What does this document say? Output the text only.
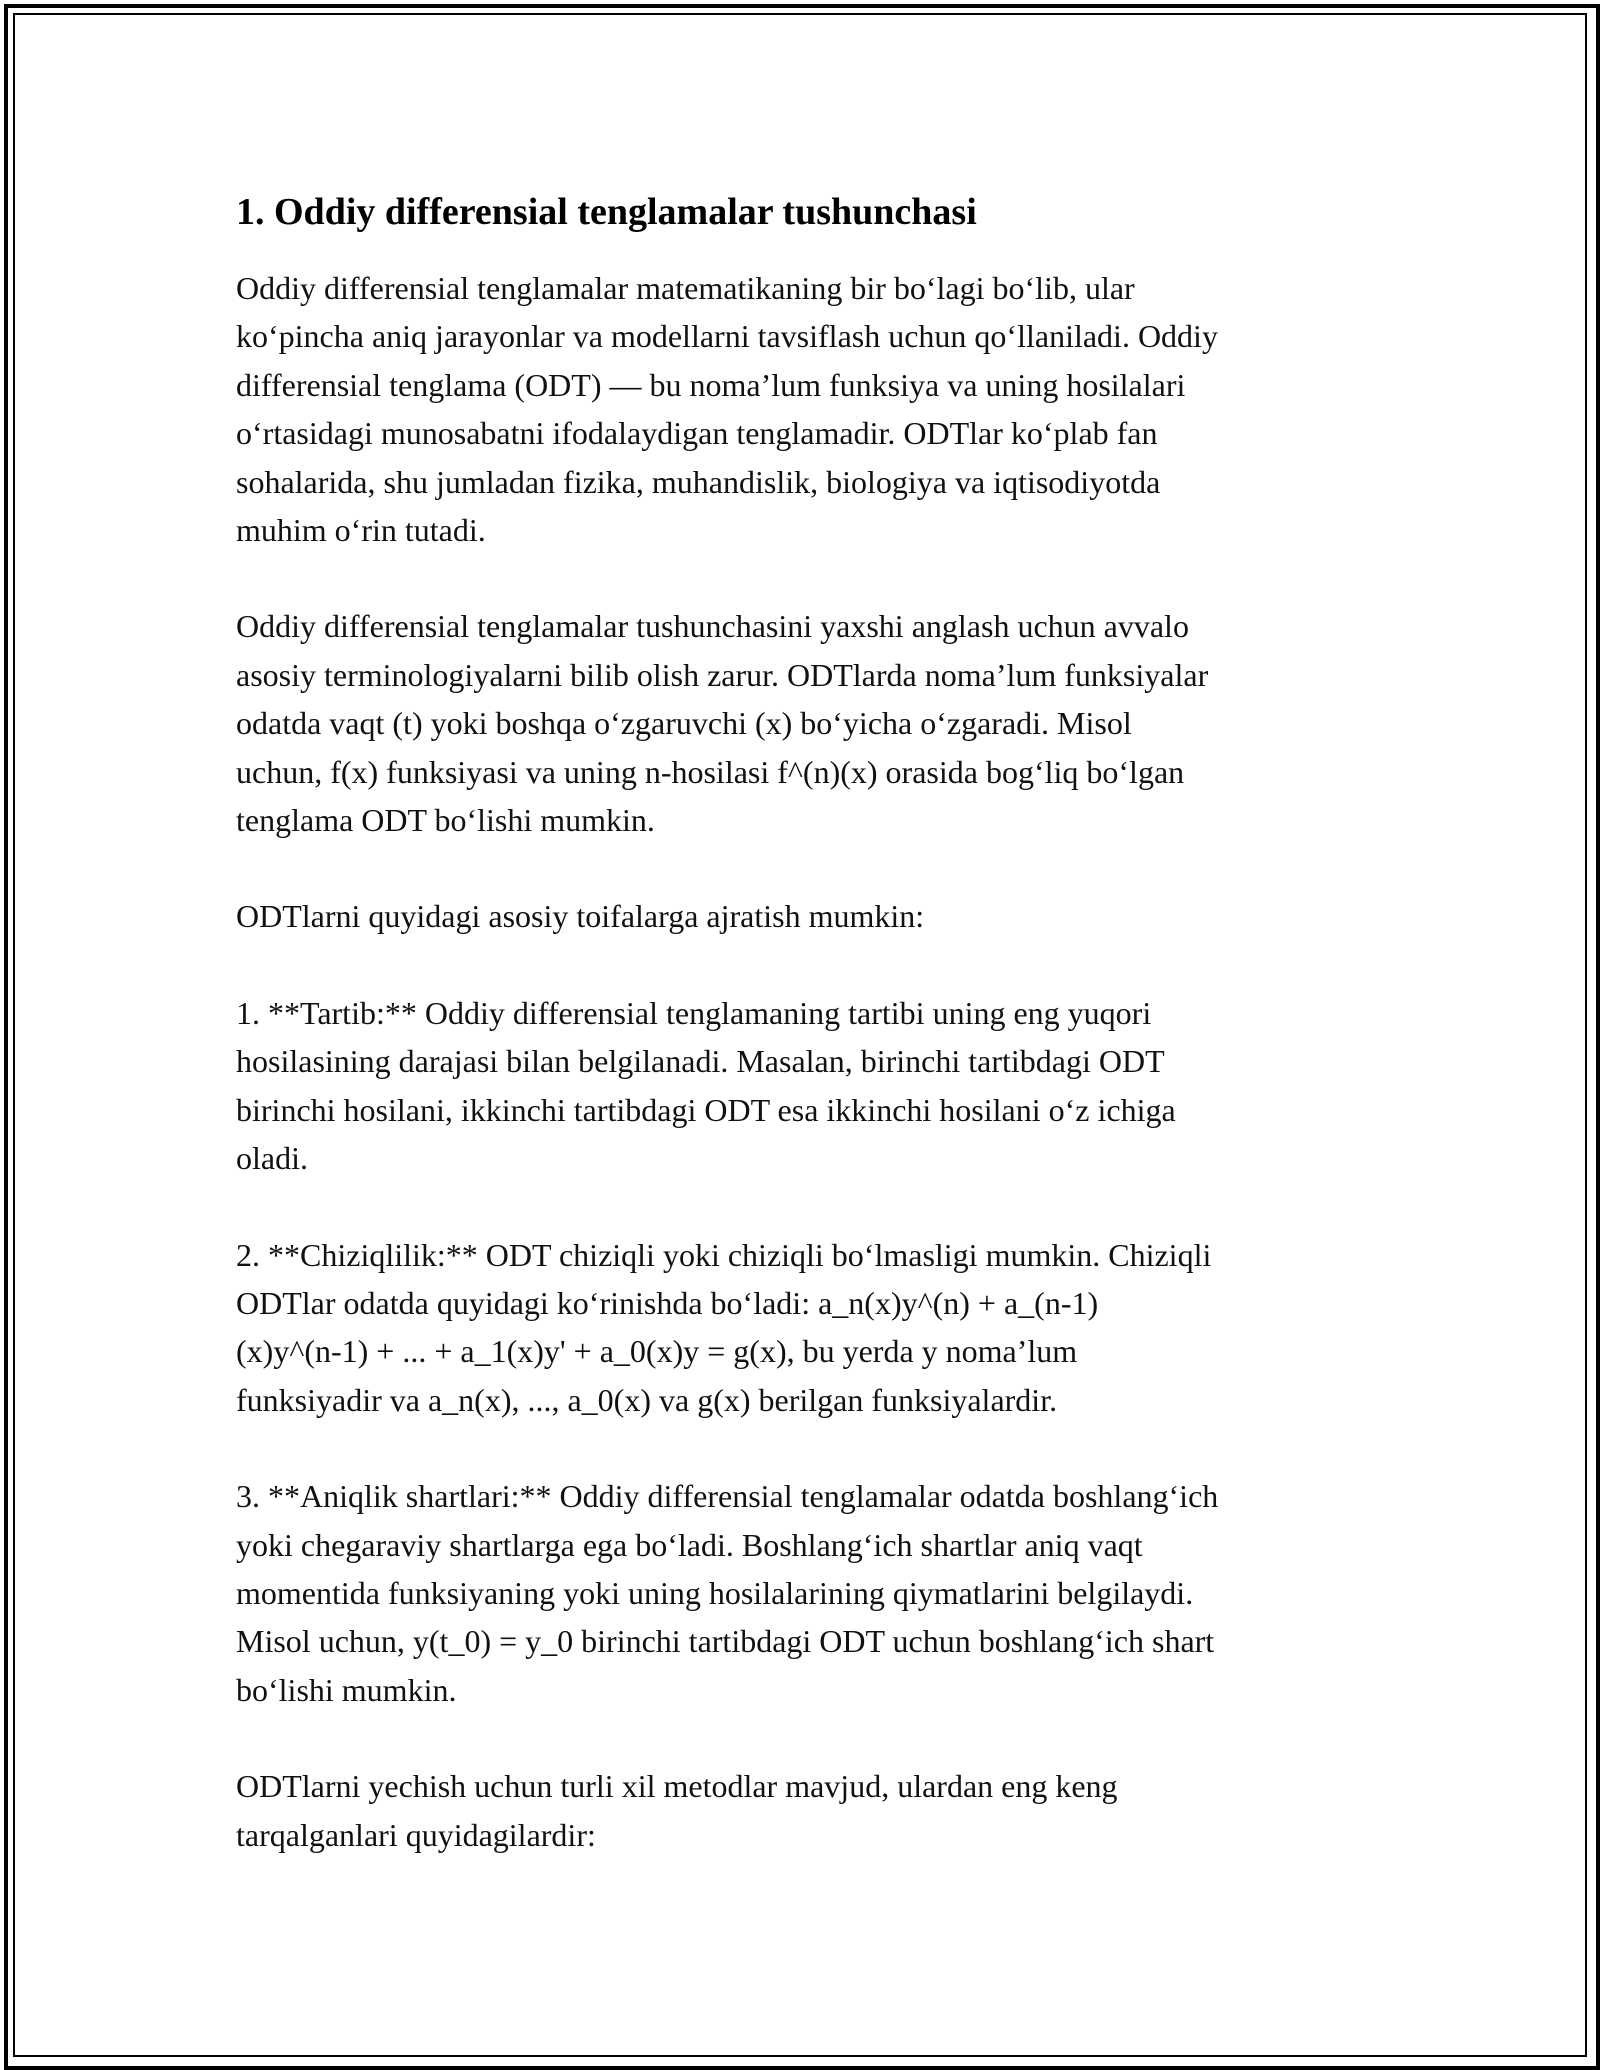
1. Oddiy differensial tenglamalar tushunchasi

Oddiy differensial tenglamalar matematikaning bir bo‘lagi bo‘lib, ular
ko‘pincha aniq jarayonlar va modellarni tavsiflash uchun qo‘llaniladi. Oddiy
differensial tenglama (ODT) — bu noma’lum funksiya va uning hosilalari
o‘rtasidagi munosabatni ifodalaydigan tenglamadir. ODTlar ko‘plab fan
sohalarida, shu jumladan fizika, muhandislik, biologiya va iqtisodiyotda
muhim o‘rin tutadi.

Oddiy differensial tenglamalar tushunchasini yaxshi anglash uchun avvalo
asosiy terminologiyalarni bilib olish zarur. ODTlarda noma’lum funksiyalar
odatda vaqt (t) yoki boshqa o‘zgaruvchi (x) bo‘yicha o‘zgaradi. Misol
uchun, f(x) funksiyasi va uning n-hosilasi f^(n)(x) orasida bog‘liq bo‘lgan
tenglama ODT bo‘lishi mumkin.

ODTlarni quyidagi asosiy toifalarga ajratish mumkin:

1. **Tartib:** Oddiy differensial tenglamaning tartibi uning eng yuqori
hosilasining darajasi bilan belgilanadi. Masalan, birinchi tartibdagi ODT
birinchi hosilani, ikkinchi tartibdagi ODT esa ikkinchi hosilani o‘z ichiga
oladi.

2. **Chiziqlilik:** ODT chiziqli yoki chiziqli bo‘lmasligi mumkin. Chiziqli
ODTlar odatda quyidagi ko‘rinishda bo‘ladi: a_n(x)y^(n) + a_(n-1)
(x)y^(n-1) + ... + a_1(x)y' + a_0(x)y = g(x), bu yerda y noma’lum
funksiyadir va a_n(x), ..., a_0(x) va g(x) berilgan funksiyalardir.

3. **Aniqlik shartlari:** Oddiy differensial tenglamalar odatda boshlang‘ich
yoki chegaraviy shartlarga ega bo‘ladi. Boshlang‘ich shartlar aniq vaqt
momentida funksiyaning yoki uning hosilalarining qiymatlarini belgilaydi.
Misol uchun, y(t_0) = y_0 birinchi tartibdagi ODT uchun boshlang‘ich shart
bo‘lishi mumkin.

ODTlarni yechish uchun turli xil metodlar mavjud, ulardan eng keng
tarqalganlari quyidagilardir:
